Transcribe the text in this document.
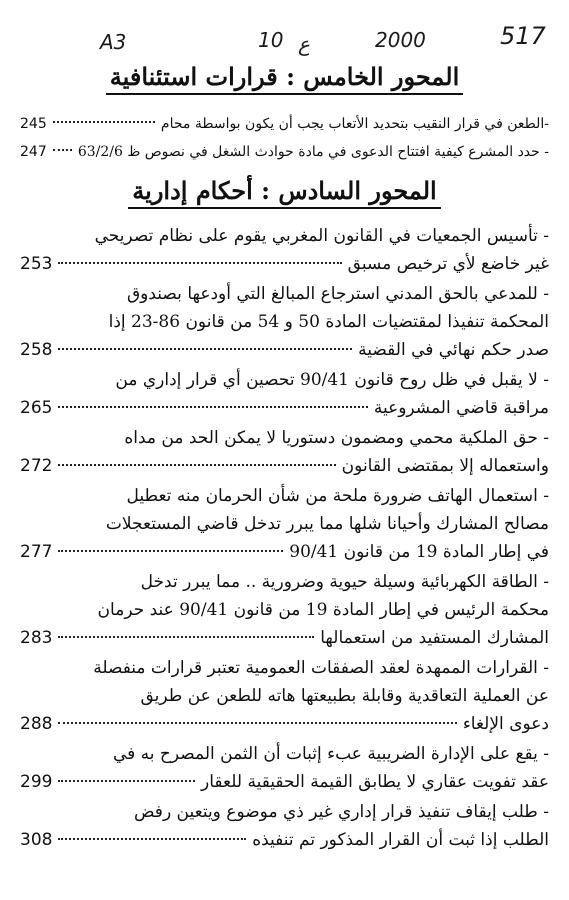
A3	10 ع	2000	517
المحور الخامس : قرارات استئنافية
-الطعن في قرار النقيب بتحديد الأتعاب يجب أن يكون بواسطة محام
245
- حدد المشرع كيفية افتتاح الدعوى في مادة حوادث الشغل في نصوص ظ 63/2/6
247
المحور السادس : أحكام إدارية
- تأسيس الجمعيات في القانون المغربي يقوم على نظام تصريحي
غير خاضع لأي ترخيص مسبق
253
- للمدعي بالحق المدني استرجاع المبالغ التي أودعها بصندوق
المحكمة تنفيذا لمقتضيات المادة 50 و 54 من قانون 86-23 إذا
صدر حكم نهائي في القضية
258
- لا يقبل في ظل روح قانون 90/41 تحصين أي قرار إداري من
مراقبة قاضي المشروعية
265
- حق الملكية محمي ومضمون دستوريا لا يمكن الحد من مداه
واستعماله إلا بمقتضى القانون
272
- استعمال الهاتف ضرورة ملحة من شأن الحرمان منه تعطيل
مصالح المشارك وأحيانا شلها مما يبرر تدخل قاضي المستعجلات
في إطار المادة 19 من قانون 90/41
277
- الطاقة الكهربائية وسيلة حيوية وضرورية .. مما يبرر تدخل
محكمة الرئيس في إطار المادة 19 من قانون 90/41 عند حرمان
المشارك المستفيد من استعمالها
283
- القرارات الممهدة لعقد الصفقات العمومية تعتبر قرارات منفصلة
عن العملية التعاقدية وقابلة بطبيعتها هاته للطعن عن طريق
دعوى الإلغاء
288
- يقع على الإدارة الضريبية عبء إثبات أن الثمن المصرح به في
عقد تفويت عقاري لا يطابق القيمة الحقيقية للعقار
299
- طلب إيقاف تنفيذ قرار إداري غير ذي موضوع ويتعين رفض
الطلب إذا ثبت أن القرار المذكور تم تنفيذه
308
